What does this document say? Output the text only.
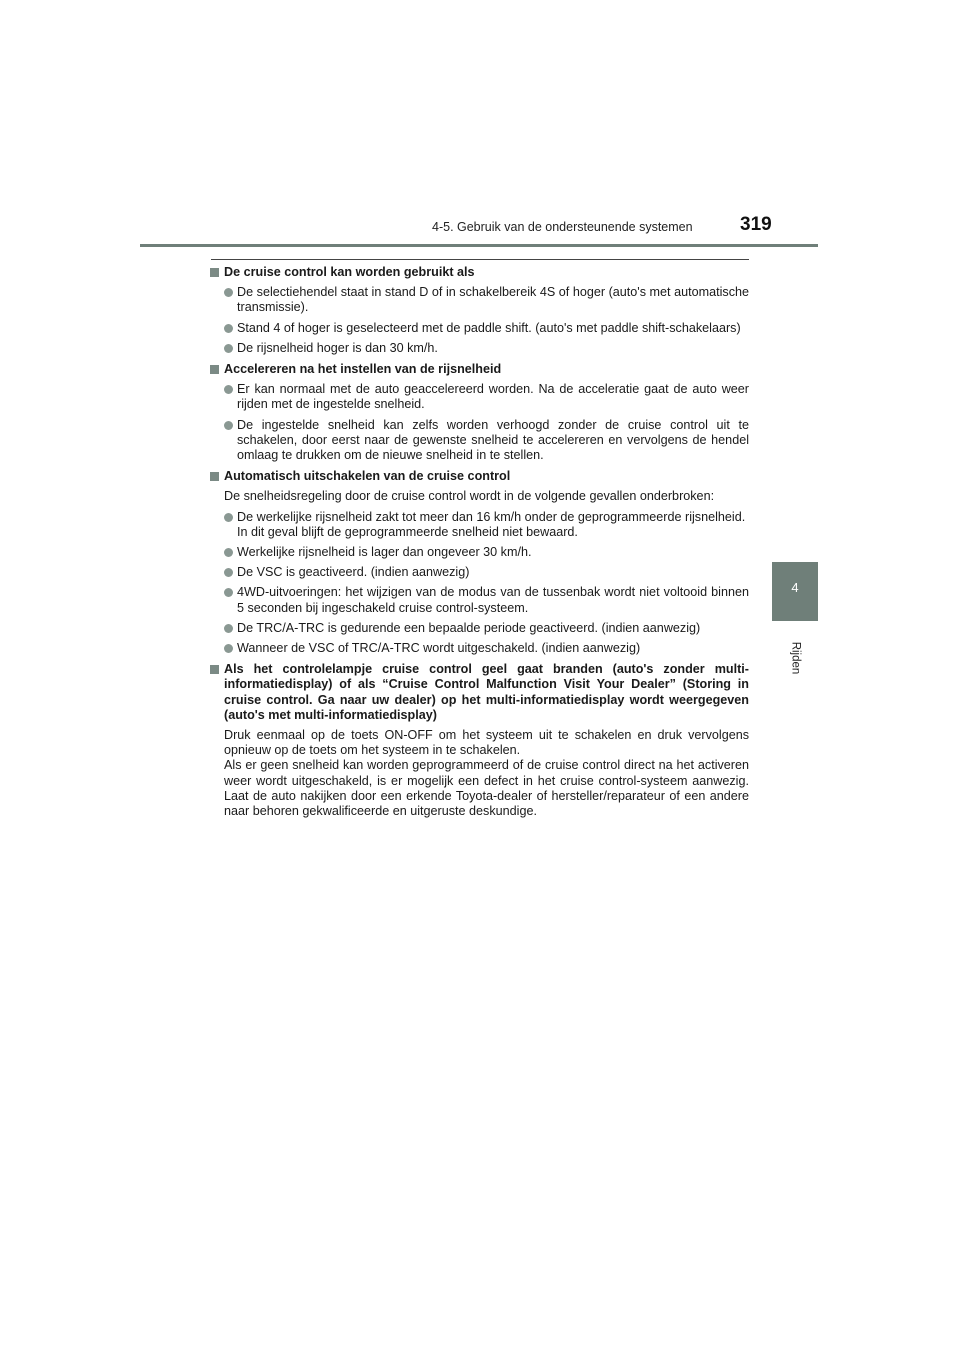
4-5. Gebruik van de ondersteunende systemen	319
4
Rijden
De cruise control kan worden gebruikt als
De selectiehendel staat in stand D of in schakelbereik 4S of hoger (auto's met automatische transmissie).
Stand 4 of hoger is geselecteerd met de paddle shift. (auto's met paddle shift-schakelaars)
De rijsnelheid hoger is dan 30 km/h.
Accelereren na het instellen van de rijsnelheid
Er kan normaal met de auto geaccelereerd worden. Na de acceleratie gaat de auto weer rijden met de ingestelde snelheid.
De ingestelde snelheid kan zelfs worden verhoogd zonder de cruise control uit te schakelen, door eerst naar de gewenste snelheid te accelereren en vervolgens de hendel omlaag te drukken om de nieuwe snelheid in te stellen.
Automatisch uitschakelen van de cruise control
De snelheidsregeling door de cruise control wordt in de volgende gevallen onderbroken:
De werkelijke rijsnelheid zakt tot meer dan 16 km/h onder de geprogrammeerde rijsnelheid.
In dit geval blijft de geprogrammeerde snelheid niet bewaard.
Werkelijke rijsnelheid is lager dan ongeveer 30 km/h.
De VSC is geactiveerd. (indien aanwezig)
4WD-uitvoeringen: het wijzigen van de modus van de tussenbak wordt niet voltooid binnen 5 seconden bij ingeschakeld cruise control-systeem.
De TRC/A-TRC is gedurende een bepaalde periode geactiveerd. (indien aanwezig)
Wanneer de VSC of TRC/A-TRC wordt uitgeschakeld. (indien aanwezig)
Als het controlelampje cruise control geel gaat branden (auto's zonder multi-informatiedisplay) of als “Cruise Control Malfunction Visit Your Dealer” (Storing in cruise control. Ga naar uw dealer) op het multi-informatiedisplay wordt weergegeven (auto's met multi-informatiedisplay)
Druk eenmaal op de toets ON-OFF om het systeem uit te schakelen en druk vervolgens opnieuw op de toets om het systeem in te schakelen.
Als er geen snelheid kan worden geprogrammeerd of de cruise control direct na het activeren weer wordt uitgeschakeld, is er mogelijk een defect in het cruise control-systeem aanwezig. Laat de auto nakijken door een erkende Toyota-dealer of hersteller/reparateur of een andere naar behoren gekwalificeerde en uitgeruste deskundige.
